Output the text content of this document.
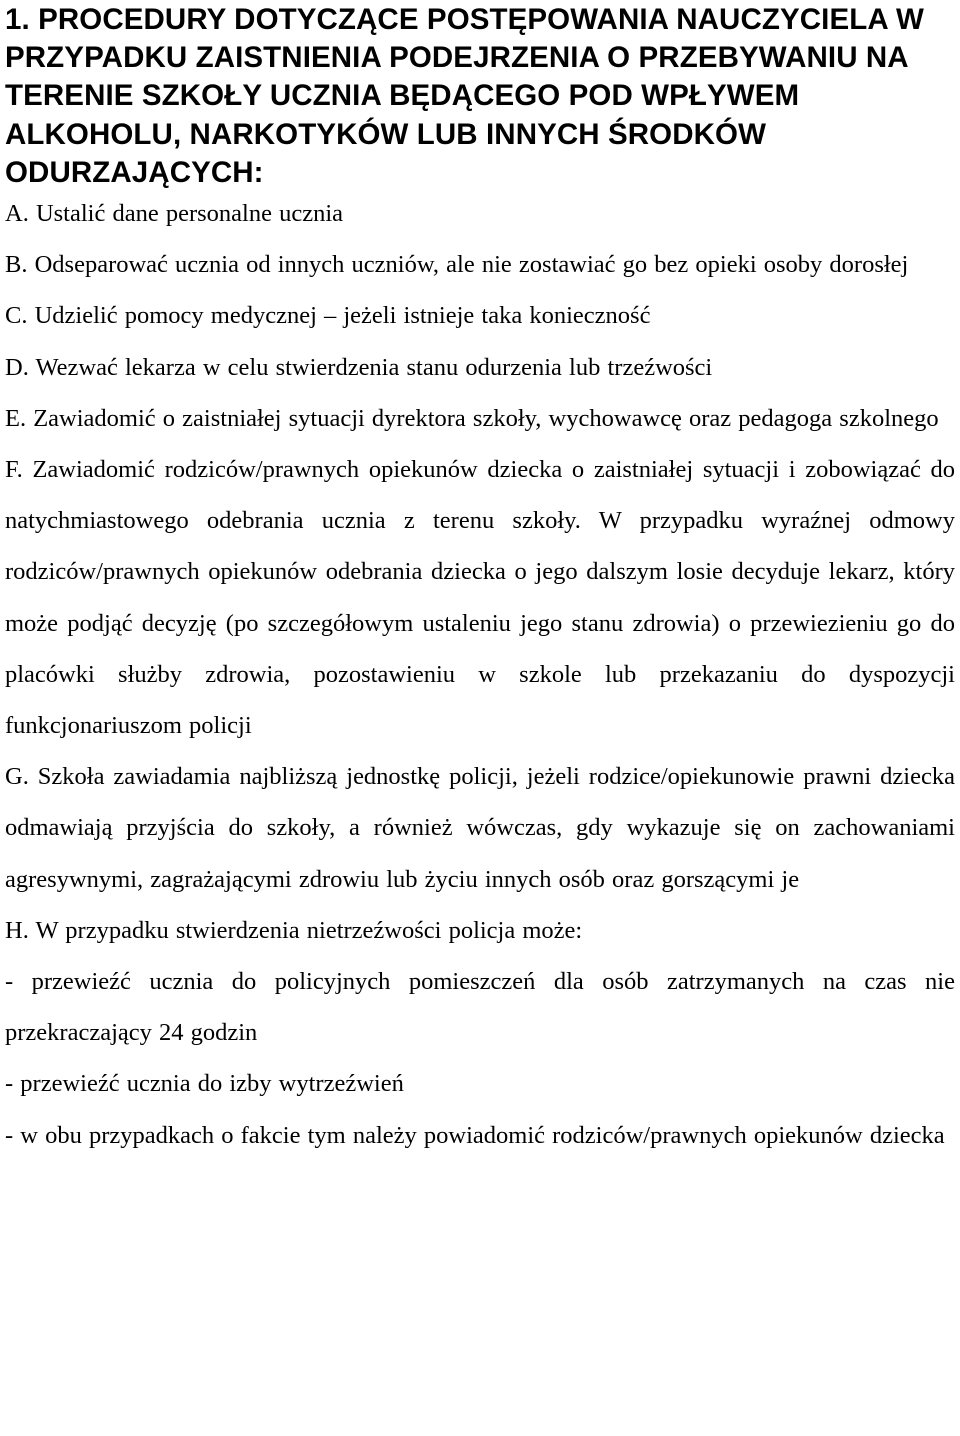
1. PROCEDURY DOTYCZĄCE POSTĘPOWANIA NAUCZYCIELA W PRZYPADKU ZAISTNIENIA PODEJRZENIA O PRZEBYWANIU NA TERENIE SZKOŁY UCZNIA BĘDĄCEGO POD WPŁYWEM ALKOHOLU, NARKOTYKÓW LUB INNYCH ŚRODKÓW ODURZAJĄCYCH:

A. Ustalić dane personalne ucznia

B. Odseparować ucznia od innych uczniów, ale nie zostawiać go bez opieki osoby dorosłej

C. Udzielić pomocy medycznej – jeżeli istnieje taka konieczność

D. Wezwać lekarza w celu stwierdzenia stanu odurzenia lub trzeźwości

E. Zawiadomić o zaistniałej sytuacji dyrektora szkoły, wychowawcę oraz pedagoga szkolnego

F. Zawiadomić rodziców/prawnych opiekunów dziecka o zaistniałej sytuacji i zobowiązać do natychmiastowego odebrania ucznia z terenu szkoły. W przypadku wyraźnej odmowy rodziców/prawnych opiekunów odebrania dziecka o jego dalszym losie decyduje lekarz, który może podjąć decyzję (po szczegółowym ustaleniu jego stanu zdrowia) o przewiezieniu go do placówki służby zdrowia, pozostawieniu w szkole lub przekazaniu do dyspozycji funkcjonariuszom policji

G. Szkoła zawiadamia najbliższą jednostkę policji, jeżeli rodzice/opiekunowie prawni dziecka odmawiają przyjścia do szkoły, a również wówczas, gdy wykazuje się on zachowaniami agresywnymi, zagrażającymi zdrowiu lub życiu innych osób oraz gorszącymi je

H. W przypadku stwierdzenia nietrzeźwości policja może:

- przewieźć ucznia do policyjnych pomieszczeń dla osób zatrzymanych na czas nie przekraczający 24 godzin

- przewieźć ucznia do izby wytrzeźwień

- w obu przypadkach o fakcie tym należy powiadomić rodziców/prawnych opiekunów dziecka
